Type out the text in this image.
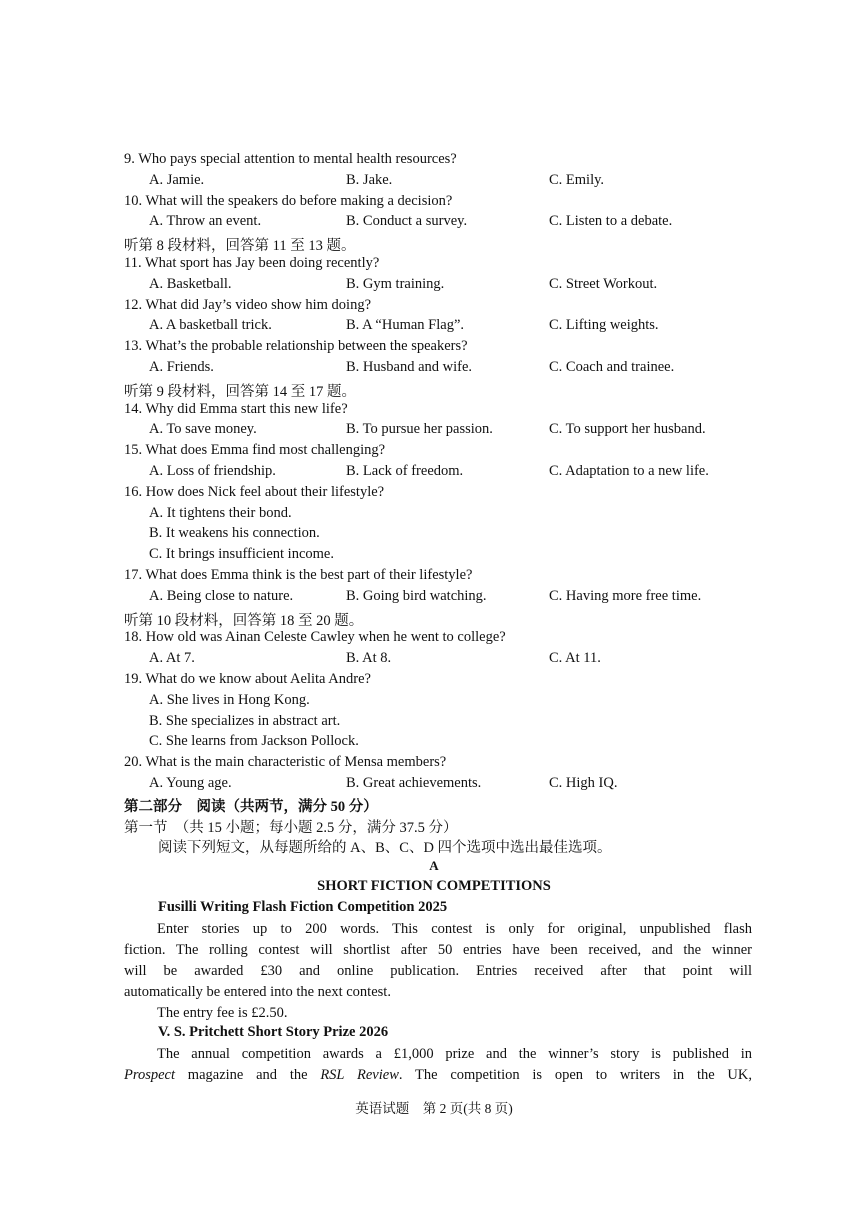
9. Who pays special attention to mental health resources?
A. Jamie.	B. Jake.	C. Emily.
10. What will the speakers do before making a decision?
A. Throw an event.	B. Conduct a survey.	C. Listen to a debate.
听第 8 段材料，回答第 11 至 13 题。
11. What sport has Jay been doing recently?
A. Basketball.	B. Gym training.	C. Street Workout.
12. What did Jay’s video show him doing?
A. A basketball trick.	B. A “Human Flag”.	C. Lifting weights.
13. What’s the probable relationship between the speakers?
A. Friends.	B. Husband and wife.	C. Coach and trainee.
听第 9 段材料，回答第 14 至 17 题。
14. Why did Emma start this new life?
A. To save money.	B. To pursue her passion.	C. To support her husband.
15. What does Emma find most challenging?
A. Loss of friendship.	B. Lack of freedom.	C. Adaptation to a new life.
16. How does Nick feel about their lifestyle?
A. It tightens their bond.
B. It weakens his connection.
C. It brings insufficient income.
17. What does Emma think is the best part of their lifestyle?
A. Being close to nature.	B. Going bird watching.	C. Having more free time.
听第 10 段材料，回答第 18 至 20 题。
18. How old was Ainan Celeste Cawley when he went to college?
A. At 7.	B. At 8.	C. At 11.
19. What do we know about Aelita Andre?
A. She lives in Hong Kong.
B. She specializes in abstract art.
C. She learns from Jackson Pollock.
20. What is the main characteristic of Mensa members?
A. Young age.	B. Great achievements.	C. High IQ.
第二部分　阅读（共两节，满分 50 分）
第一节　（共 15 小题；每小题 2.5 分，满分 37.5 分）
阅读下列短文，从每题所给的 A、B、C、D 四个选项中选出最佳选项。
A
SHORT FICTION COMPETITIONS
Fusilli Writing Flash Fiction Competition 2025

Enter stories up to 200 words. This contest is only for original, unpublished flash

fiction. The rolling contest will shortlist after 50 entries have been received, and the winner

will be awarded £30 and online publication. Entries received after that point will

automatically be entered into the next contest.

The entry fee is £2.50.

V. S. Pritchett Short Story Prize 2026

The annual competition awards a £1,000 prize and the winner’s story is published in

Prospect magazine and the RSL Review. The competition is open to writers in the UK,

英语试题　第 2 页(共 8 页)
